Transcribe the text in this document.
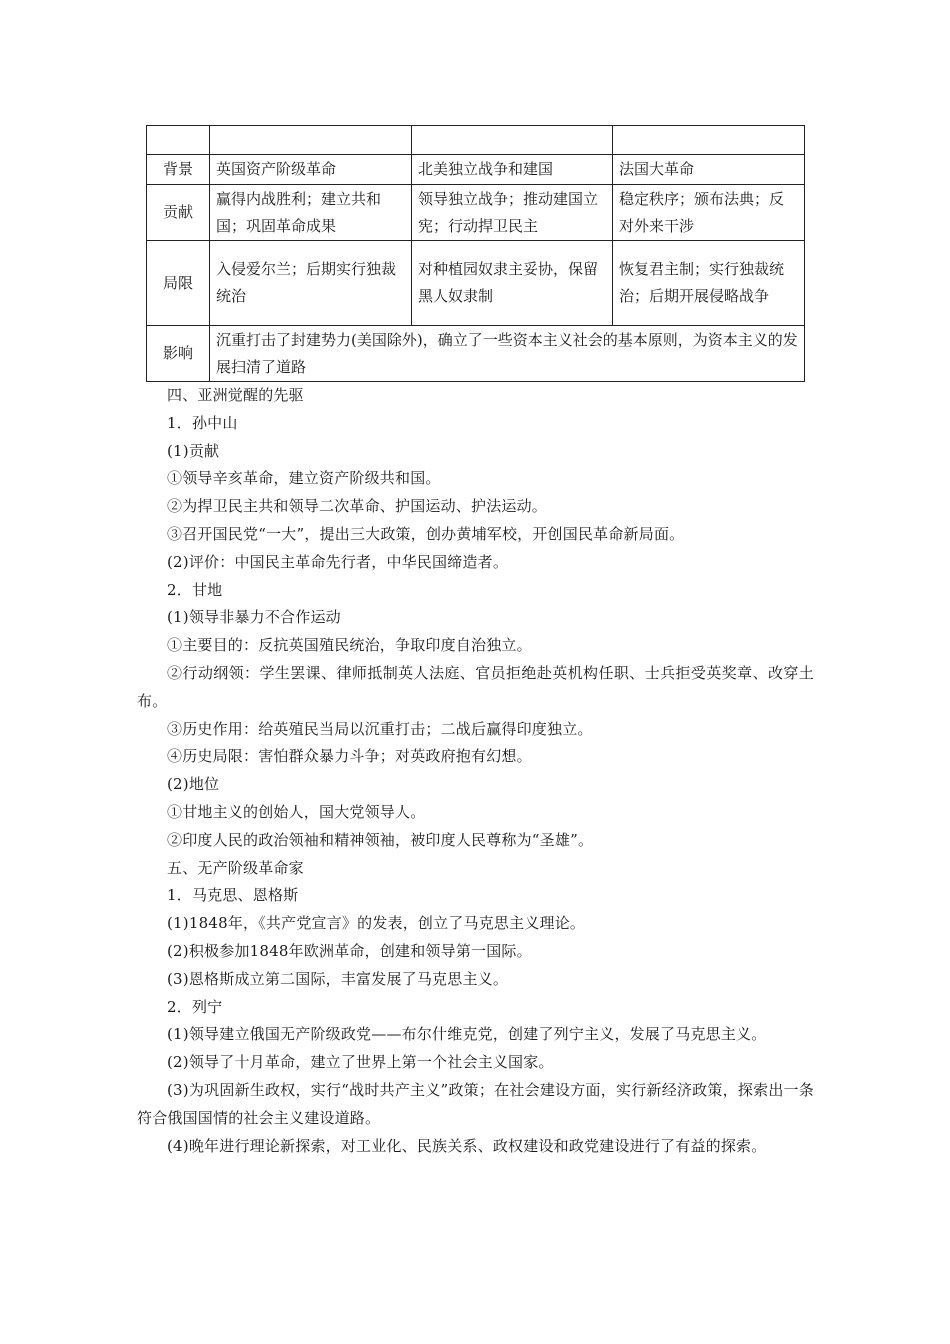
背景	英国资产阶级革命	北美独立战争和建国	法国大革命
贡献	赢得内战胜利；建立共和国；巩固革命成果	领导独立战争；推动建国立宪；行动捍卫民主	稳定秩序；颁布法典；反对外来干涉
局限	入侵爱尔兰；后期实行独裁统治	对种植园奴隶主妥协，保留黑人奴隶制	恢复君主制；实行独裁统治；后期开展侵略战争
影响	沉重打击了封建势力(美国除外)，确立了一些资本主义社会的基本原则，为资本主义的发展扫清了道路		

四、亚洲觉醒的先驱

1．孙中山

(1)贡献

①领导辛亥革命，建立资产阶级共和国。

②为捍卫民主共和领导二次革命、护国运动、护法运动。

③召开国民党“一大”，提出三大政策，创办黄埔军校，开创国民革命新局面。

(2)评价：中国民主革命先行者，中华民国缔造者。

2．甘地

(1)领导非暴力不合作运动

①主要目的：反抗英国殖民统治，争取印度自治独立。

②行动纲领：学生罢课、律师抵制英人法庭、官员拒绝赴英机构任职、士兵拒受英奖章、改穿土布。

③历史作用：给英殖民当局以沉重打击；二战后赢得印度独立。

④历史局限：害怕群众暴力斗争；对英政府抱有幻想。

(2)地位

①甘地主义的创始人，国大党领导人。

②印度人民的政治领袖和精神领袖，被印度人民尊称为“圣雄”。

五、无产阶级革命家

1．马克思、恩格斯

(1)1848年，《共产党宣言》的发表，创立了马克思主义理论。

(2)积极参加1848年欧洲革命，创建和领导第一国际。

(3)恩格斯成立第二国际，丰富发展了马克思主义。

2．列宁

(1)领导建立俄国无产阶级政党——布尔什维克党，创建了列宁主义，发展了马克思主义。

(2)领导了十月革命，建立了世界上第一个社会主义国家。

(3)为巩固新生政权，实行“战时共产主义”政策；在社会建设方面，实行新经济政策，探索出一条符合俄国国情的社会主义建设道路。

(4)晚年进行理论新探索，对工业化、民族关系、政权建设和政党建设进行了有益的探索。
